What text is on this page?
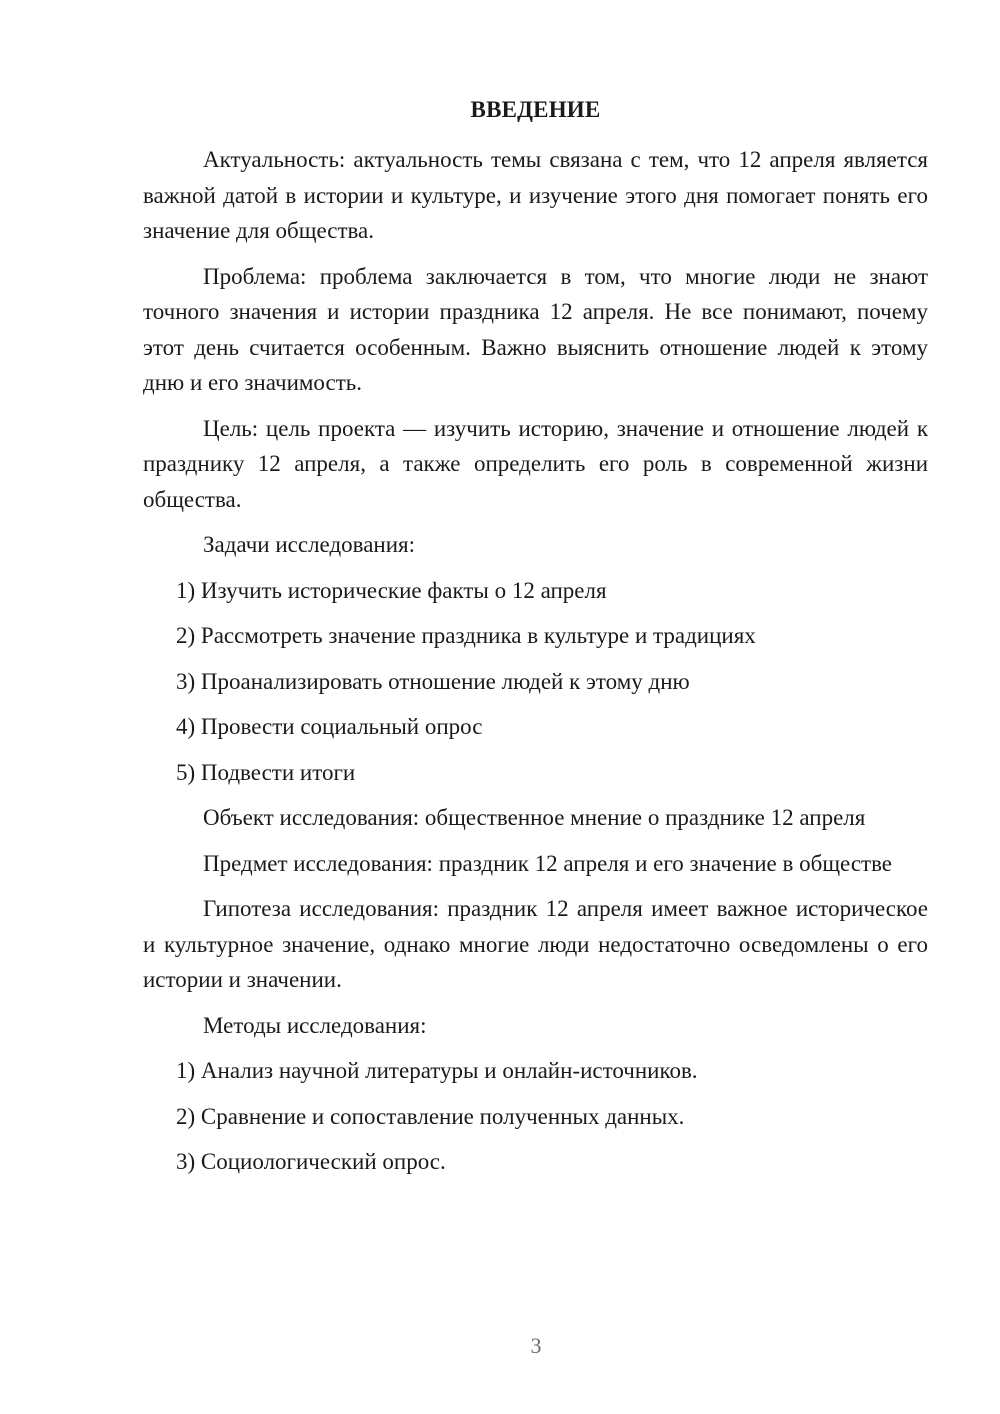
ВВЕДЕНИЕ

Актуальность: актуальность темы связана с тем, что 12 апреля является важной датой в истории и культуре, и изучение этого дня помогает понять его значение для общества.

Проблема: проблема заключается в том, что многие люди не знают точного значения и истории праздника 12 апреля. Не все понимают, почему этот день считается особенным. Важно выяснить отношение людей к этому дню и его значимость.

Цель: цель проекта — изучить историю, значение и отношение людей к празднику 12 апреля, а также определить его роль в современной жизни общества.

Задачи исследования:

1) Изучить исторические факты о 12 апреля

2) Рассмотреть значение праздника в культуре и традициях

3) Проанализировать отношение людей к этому дню

4) Провести социальный опрос

5) Подвести итоги

Объект исследования: общественное мнение о празднике 12 апреля

Предмет исследования: праздник 12 апреля и его значение в обществе

Гипотеза исследования: праздник 12 апреля имеет важное историческое и культурное значение, однако многие люди недостаточно осведомлены о его истории и значении.

Методы исследования:

1) Анализ научной литературы и онлайн-источников.

2) Сравнение и сопоставление полученных данных.

3) Социологический опрос.

3
